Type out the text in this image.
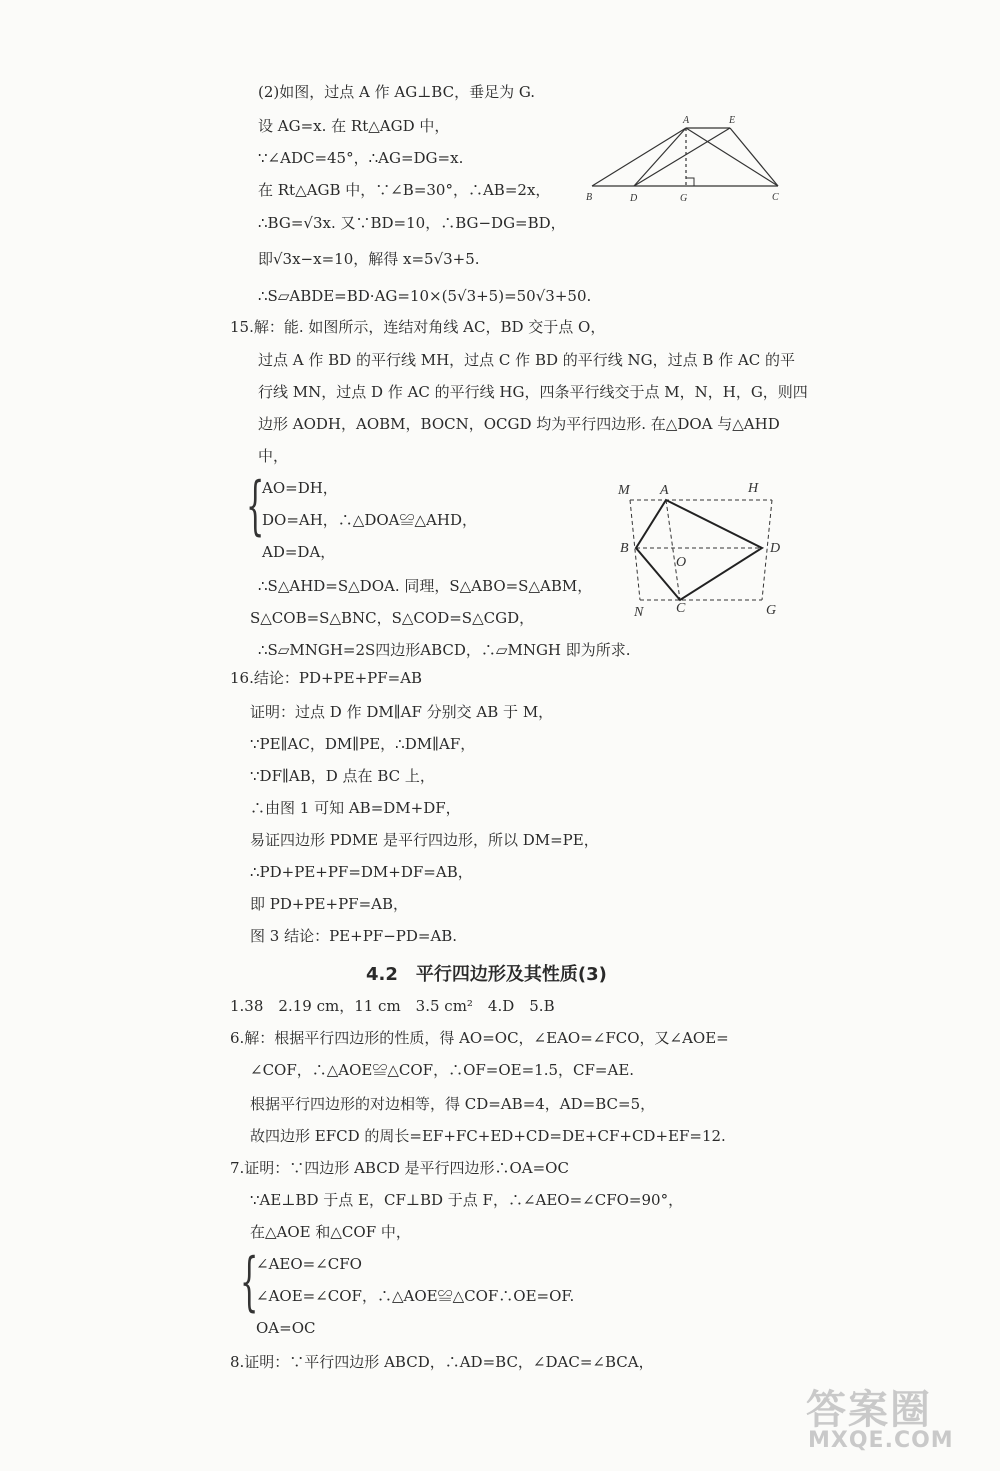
(2)如图，过点 A 作 AG⊥BC，垂足为 G.
设 AG=x. 在 Rt△AGD 中，
∵∠ADC=45°，∴AG=DG=x.
在 Rt△AGB 中，∵∠B=30°，∴AB=2x，
∴BG=√3x. 又∵BD=10，∴BG−DG=BD，
即√3x−x=10，解得 x=5√3+5.
∴S▱ABDE=BD·AG=10×(5√3+5)=50√3+50.
A	E
B	D	G	C
15.解：能. 如图所示，连结对角线 AC，BD 交于点 O，
过点 A 作 BD 的平行线 MH，过点 C 作 BD 的平行线 NG，过点 B 作 AC 的平
行线 MN，过点 D 作 AC 的平行线 HG，四条平行线交于点 M，N，H，G，则四
边形 AODH，AOBM，BOCN，OCGD 均为平行四边形. 在△DOA 与△AHD
中，
{
AO=DH，
DO=AH，∴△DOA≌△AHD，
AD=DA，
∴S△AHD=S△DOA. 同理，S△ABO=S△ABM，
S△COB=S△BNC，S△COD=S△CGD，
∴S▱MNGH=2S四边形ABCD，∴▱MNGH 即为所求.
M A	H
B
O
D
N C	G
16.结论：PD+PE+PF=AB
证明：过点 D 作 DM∥AF 分别交 AB 于 M，
∵PE∥AC，DM∥PE，∴DM∥AF，
∵DF∥AB，D 点在 BC 上，
∴由图 1 可知 AB=DM+DF，
易证四边形 PDME 是平行四边形，所以 DM=PE，
∴PD+PE+PF=DM+DF=AB，
即 PD+PE+PF=AB，
图 3 结论：PE+PF−PD=AB.
4.2　平行四边形及其性质(3)
1.38　2.19 cm，11 cm　3.5 cm²　4.D　5.B
6.解：根据平行四边形的性质，得 AO=OC，∠EAO=∠FCO，又∠AOE=
∠COF，∴△AOE≌△COF，∴OF=OE=1.5，CF=AE.
根据平行四边形的对边相等，得 CD=AB=4，AD=BC=5，
故四边形 EFCD 的周长=EF+FC+ED+CD=DE+CF+CD+EF=12.
7.证明：∵四边形 ABCD 是平行四边形∴OA=OC
∵AE⊥BD 于点 E，CF⊥BD 于点 F，∴∠AEO=∠CFO=90°，
在△AOE 和△COF 中，
{
∠AEO=∠CFO
∠AOE=∠COF，∴△AOE≌△COF∴OE=OF.
OA=OC
8.证明：∵平行四边形 ABCD，∴AD=BC，∠DAC=∠BCA，
答案圈
MXQE.COM
